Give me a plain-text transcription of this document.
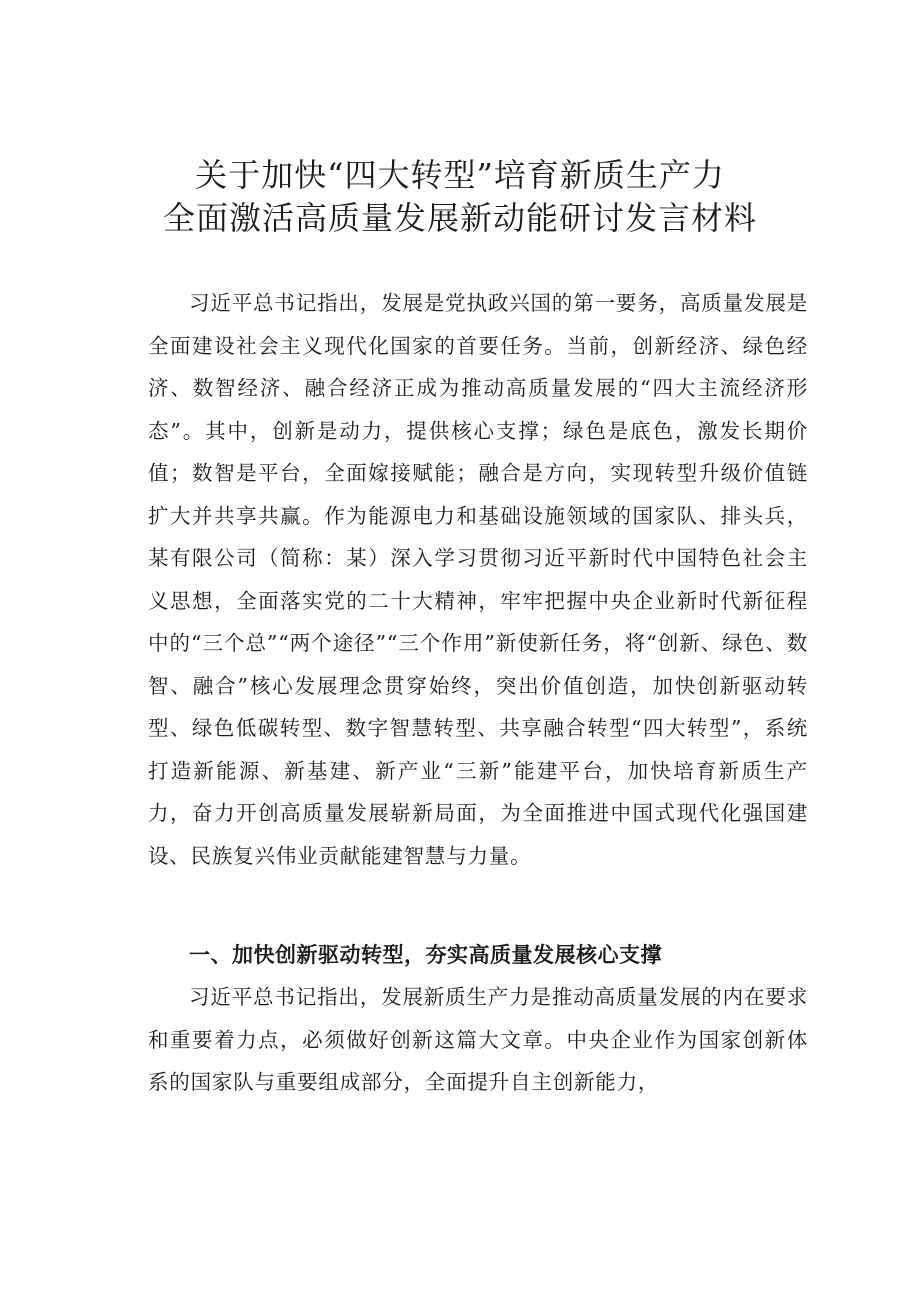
关于加快“四大转型”培育新质生产力
全面激活高质量发展新动能研讨发言材料

习近平总书记指出，发展是党执政兴国的第一要务，高质量发展是全面建设社会主义现代化国家的首要任务。当前，创新经济、绿色经济、数智经济、融合经济正成为推动高质量发展的“四大主流经济形态”。其中，创新是动力，提供核心支撑；绿色是底色，激发长期价值；数智是平台，全面嫁接赋能；融合是方向，实现转型升级价值链扩大并共享共赢。作为能源电力和基础设施领域的国家队、排头兵，某有限公司（简称：某）深入学习贯彻习近平新时代中国特色社会主义思想，全面落实党的二十大精神，牢牢把握中央企业新时代新征程中的“三个总”“两个途径”“三个作用”新使新任务，将“创新、绿色、数智、融合”核心发展理念贯穿始终，突出价值创造，加快创新驱动转型、绿色低碳转型、数字智慧转型、共享融合转型“四大转型”，系统打造新能源、新基建、新产业“三新”能建平台，加快培育新质生产力，奋力开创高质量发展崭新局面，为全面推进中国式现代化强国建设、民族复兴伟业贡献能建智慧与力量。

一、加快创新驱动转型，夯实高质量发展核心支撑

习近平总书记指出，发展新质生产力是推动高质量发展的内在要求和重要着力点，必须做好创新这篇大文章。中央企业作为国家创新体系的国家队与重要组成部分，全面提升自主创新能力，
